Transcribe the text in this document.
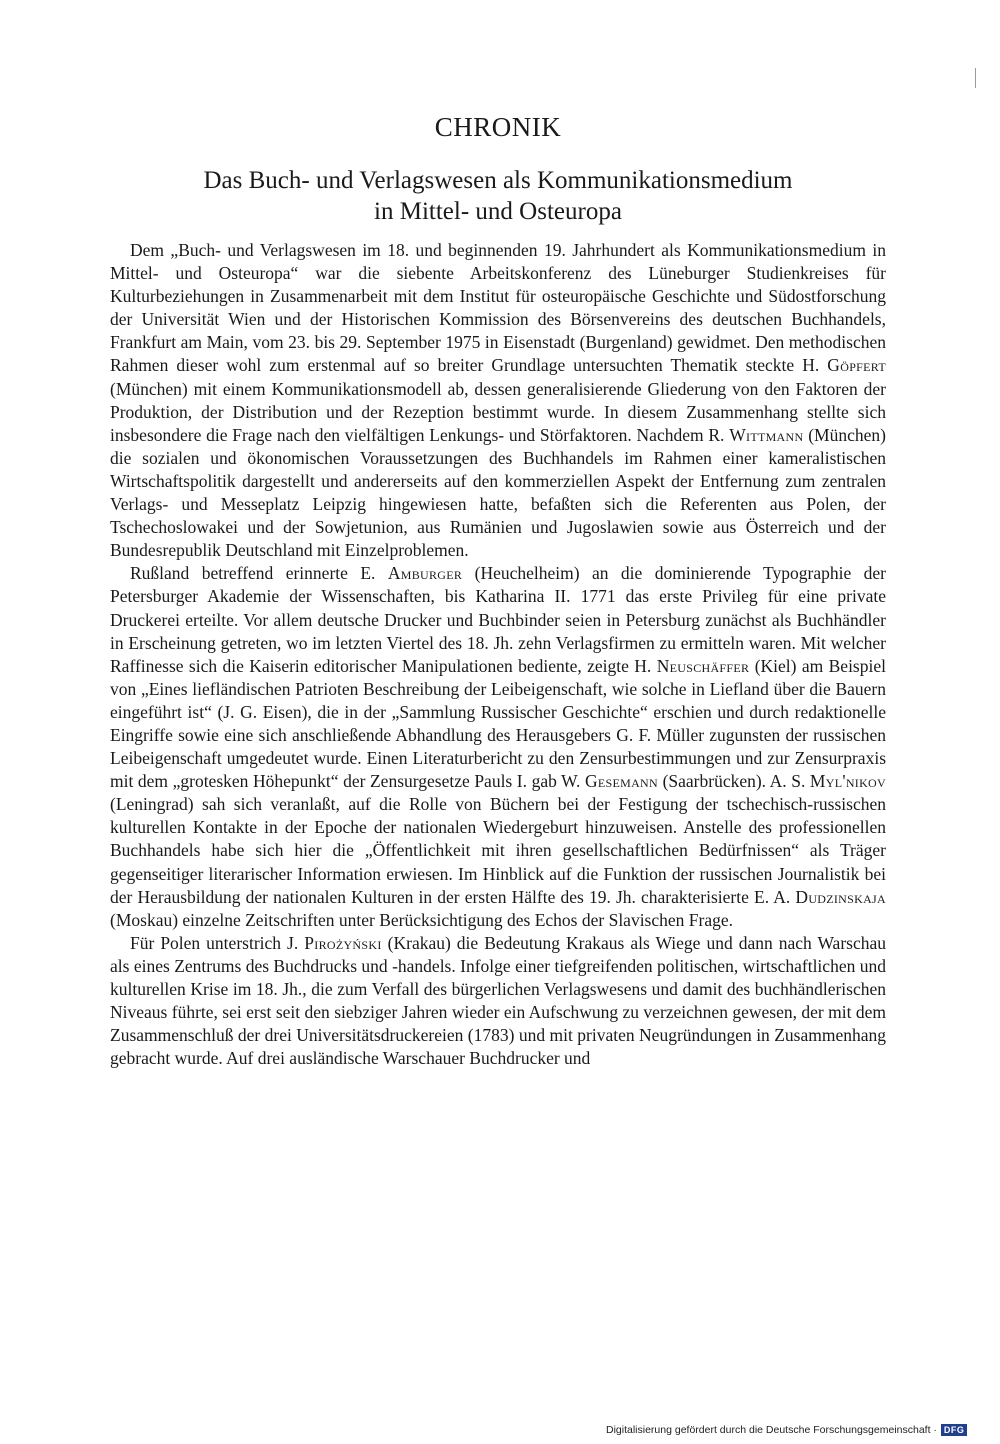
CHRONIK
Das Buch- und Verlagswesen als Kommunikationsmedium
in Mittel- und Osteuropa

Dem „Buch- und Verlagswesen im 18. und beginnenden 19. Jahrhundert als Kommunikationsmedium in Mittel- und Osteuropa“ war die siebente Arbeitskonferenz des Lüneburger Studienkreises für Kulturbeziehungen in Zusammenarbeit mit dem Institut für osteuropäische Geschichte und Südostforschung der Universität Wien und der Historischen Kommission des Börsenvereins des deutschen Buchhandels, Frankfurt am Main, vom 23. bis 29. September 1975 in Eisenstadt (Burgenland) gewidmet. Den methodischen Rahmen dieser wohl zum erstenmal auf so breiter Grundlage untersuchten Thematik steckte H. Göpfert (München) mit einem Kommunikationsmodell ab, dessen generalisierende Gliederung von den Faktoren der Produktion, der Distribution und der Rezeption bestimmt wurde. In diesem Zusammenhang stellte sich insbesondere die Frage nach den vielfältigen Lenkungs- und Störfaktoren. Nachdem R. Wittmann (München) die sozialen und ökonomischen Voraussetzungen des Buchhandels im Rahmen einer kameralistischen Wirtschaftspolitik dargestellt und andererseits auf den kommerziellen Aspekt der Entfernung zum zentralen Verlags- und Messeplatz Leipzig hingewiesen hatte, befaßten sich die Referenten aus Polen, der Tschechoslowakei und der Sowjetunion, aus Rumänien und Jugoslawien sowie aus Österreich und der Bundesrepublik Deutschland mit Einzelproblemen.

Rußland betreffend erinnerte E. Amburger (Heuchelheim) an die dominierende Typographie der Petersburger Akademie der Wissenschaften, bis Katharina II. 1771 das erste Privileg für eine private Druckerei erteilte. Vor allem deutsche Drucker und Buchbinder seien in Petersburg zunächst als Buchhändler in Erscheinung getreten, wo im letzten Viertel des 18. Jh. zehn Verlagsfirmen zu ermitteln waren. Mit welcher Raffinesse sich die Kaiserin editorischer Manipulationen bediente, zeigte H. Neuschäffer (Kiel) am Beispiel von „Eines liefländischen Patrioten Beschreibung der Leibeigenschaft, wie solche in Liefland über die Bauern eingeführt ist“ (J. G. Eisen), die in der „Sammlung Russischer Geschichte“ erschien und durch redaktionelle Eingriffe sowie eine sich anschließende Abhandlung des Herausgebers G. F. Müller zugunsten der russischen Leibeigenschaft umgedeutet wurde. Einen Literaturbericht zu den Zensurbestimmungen und zur Zensurpraxis mit dem „grotesken Höhepunkt“ der Zensurgesetze Pauls I. gab W. Gesemann (Saarbrücken). A. S. Myl'nikov (Leningrad) sah sich veranlaßt, auf die Rolle von Büchern bei der Festigung der tschechisch-russischen kulturellen Kontakte in der Epoche der nationalen Wiedergeburt hinzuweisen. Anstelle des professionellen Buchhandels habe sich hier die „Öffentlichkeit mit ihren gesellschaftlichen Bedürfnissen“ als Träger gegenseitiger literarischer Information erwiesen. Im Hinblick auf die Funktion der russischen Journalistik bei der Herausbildung der nationalen Kulturen in der ersten Hälfte des 19. Jh. charakterisierte E. A. Dudzinskaja (Moskau) einzelne Zeitschriften unter Berücksichtigung des Echos der Slavischen Frage.

Für Polen unterstrich J. Pirożyński (Krakau) die Bedeutung Krakaus als Wiege und dann nach Warschau als eines Zentrums des Buchdrucks und -handels. Infolge einer tiefgreifenden politischen, wirtschaftlichen und kulturellen Krise im 18. Jh., die zum Verfall des bürgerlichen Verlagswesens und damit des buchhändlerischen Niveaus führte, sei erst seit den siebziger Jahren wieder ein Aufschwung zu verzeichnen gewesen, der mit dem Zusammenschluß der drei Universitätsdruckereien (1783) und mit privaten Neugründungen in Zusammenhang gebracht wurde. Auf drei ausländische Warschauer Buchdrucker und

Digitalisierung gefördert durch die Deutsche Forschungsgemeinschaft · DFG
